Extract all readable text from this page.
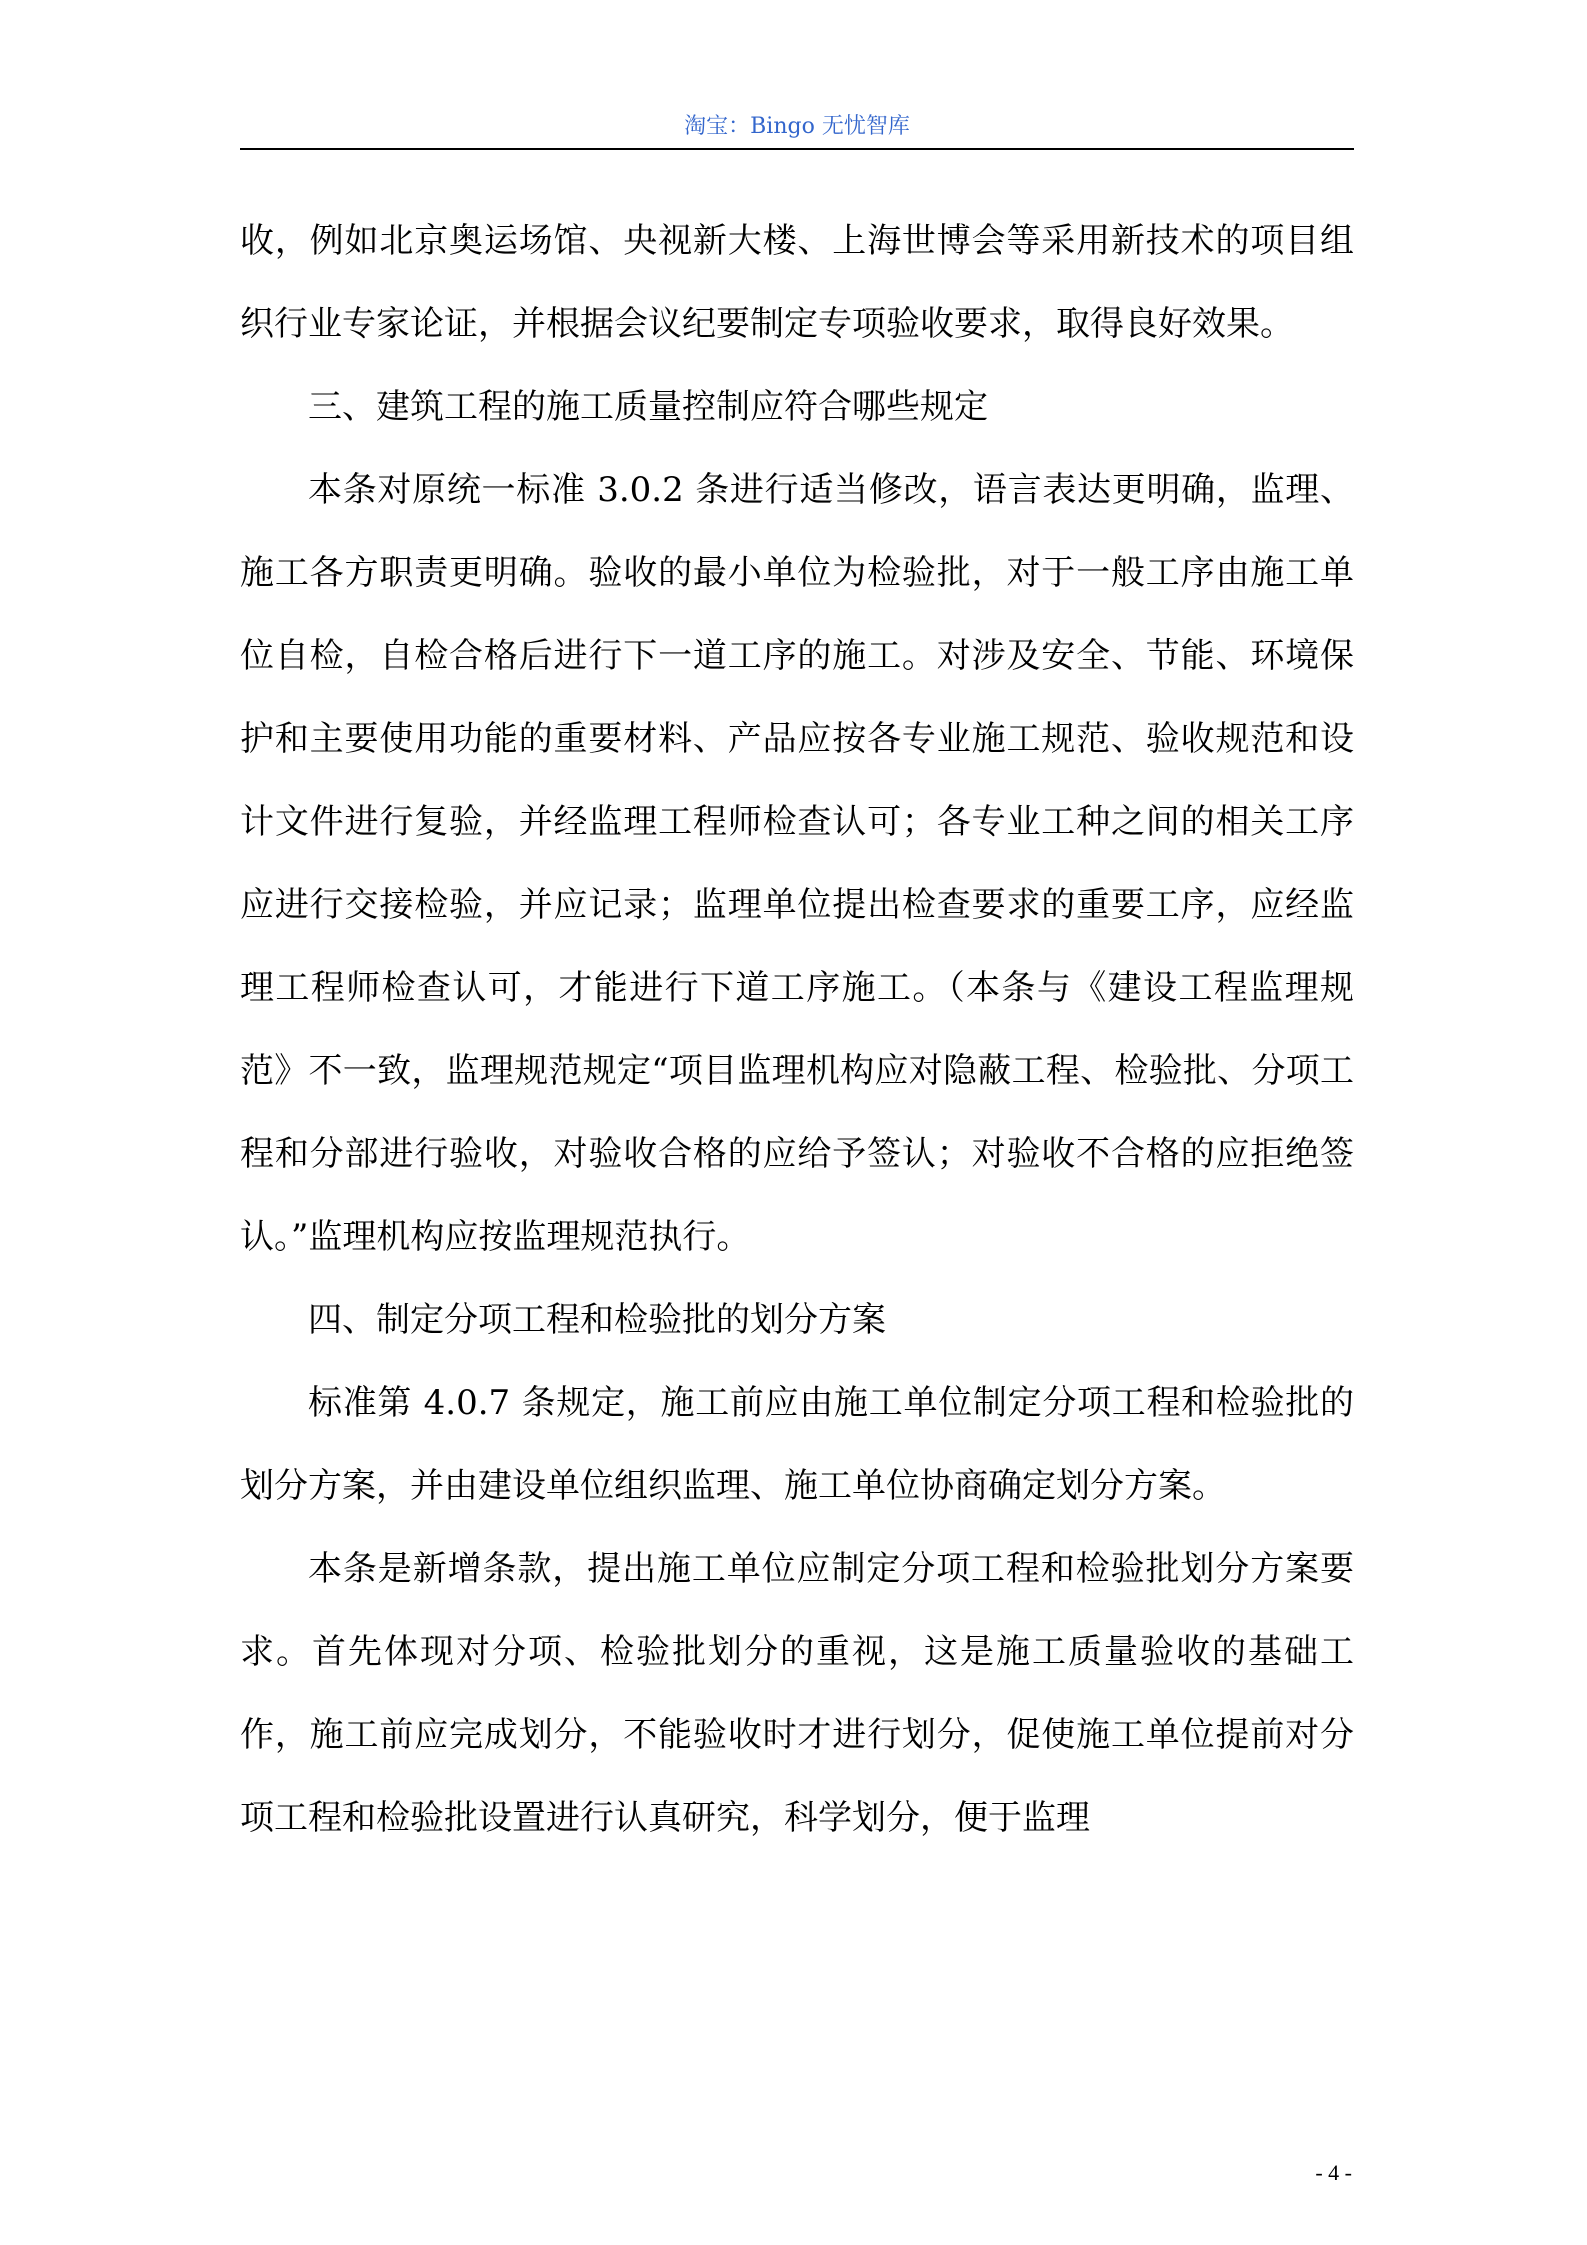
淘宝：Bingo 无忧智库

收，例如北京奥运场馆、央视新大楼、上海世博会等采用新技术的项目组织行业专家论证，并根据会议纪要制定专项验收要求，取得良好效果。

三、建筑工程的施工质量控制应符合哪些规定

本条对原统一标准 3.0.2 条进行适当修改，语言表达更明确，监理、施工各方职责更明确。验收的最小单位为检验批，对于一般工序由施工单位自检，自检合格后进行下一道工序的施工。对涉及安全、节能、环境保护和主要使用功能的重要材料、产品应按各专业施工规范、验收规范和设计文件进行复验，并经监理工程师检查认可；各专业工种之间的相关工序应进行交接检验，并应记录；监理单位提出检查要求的重要工序，应经监理工程师检查认可，才能进行下道工序施工。（本条与《建设工程监理规范》不一致，监理规范规定“项目监理机构应对隐蔽工程、检验批、分项工程和分部进行验收，对验收合格的应给予签认；对验收不合格的应拒绝签认。”监理机构应按监理规范执行。

四、制定分项工程和检验批的划分方案

标准第 4.0.7 条规定，施工前应由施工单位制定分项工程和检验批的划分方案，并由建设单位组织监理、施工单位协商确定划分方案。

本条是新增条款，提出施工单位应制定分项工程和检验批划分方案要求。首先体现对分项、检验批划分的重视，这是施工质量验收的基础工作，施工前应完成划分，不能验收时才进行划分，促使施工单位提前对分项工程和检验批设置进行认真研究，科学划分，便于监理

- 4 -
